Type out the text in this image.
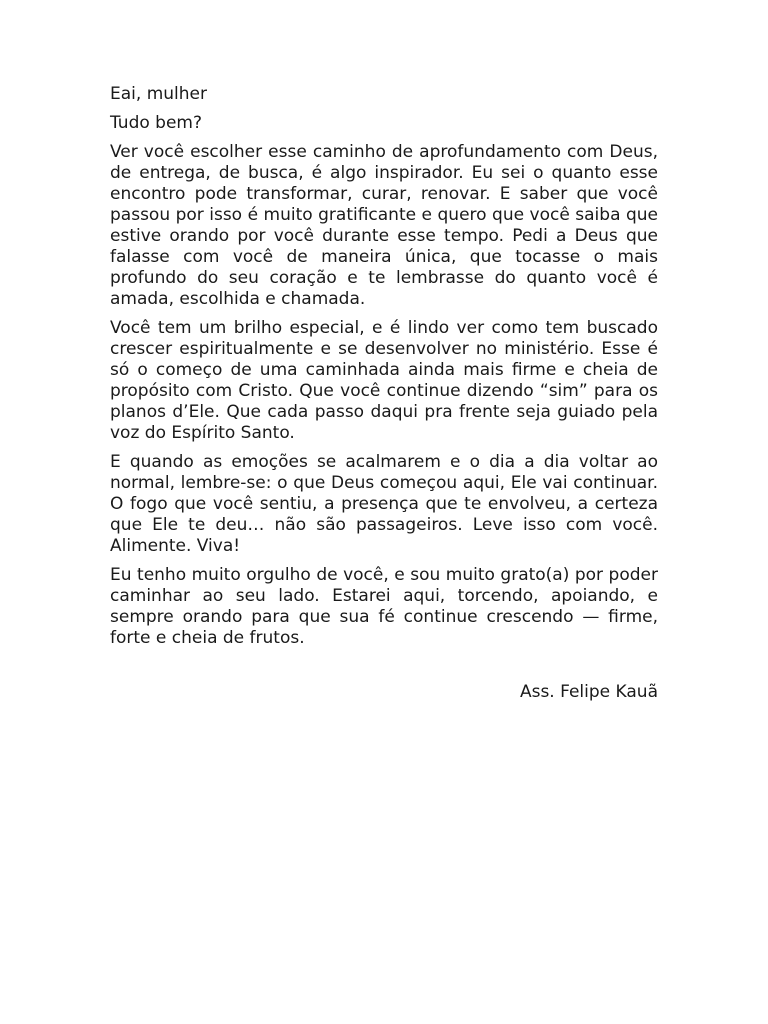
Eai, mulher

Tudo bem?

Ver você escolher esse caminho de aprofundamento com Deus, de entrega, de busca, é algo inspirador. Eu sei o quanto esse encontro pode transformar, curar, renovar. E saber que você passou por isso é muito gratificante e quero que você saiba que estive orando por você durante esse tempo. Pedi a Deus que falasse com você de maneira única, que tocasse o mais profundo do seu coração e te lembrasse do quanto você é amada, escolhida e chamada.

Você tem um brilho especial, e é lindo ver como tem buscado crescer espiritualmente e se desenvolver no ministério. Esse é só o começo de uma caminhada ainda mais firme e cheia de propósito com Cristo. Que você continue dizendo “sim” para os planos d’Ele. Que cada passo daqui pra frente seja guiado pela voz do Espírito Santo.

E quando as emoções se acalmarem e o dia a dia voltar ao normal, lembre-se: o que Deus começou aqui, Ele vai continuar. O fogo que você sentiu, a presença que te envolveu, a certeza que Ele te deu… não são passageiros. Leve isso com você. Alimente. Viva!

Eu tenho muito orgulho de você, e sou muito grato(a) por poder caminhar ao seu lado. Estarei aqui, torcendo, apoiando, e sempre orando para que sua fé continue crescendo — firme, forte e cheia de frutos.

Ass. Felipe Kauã
